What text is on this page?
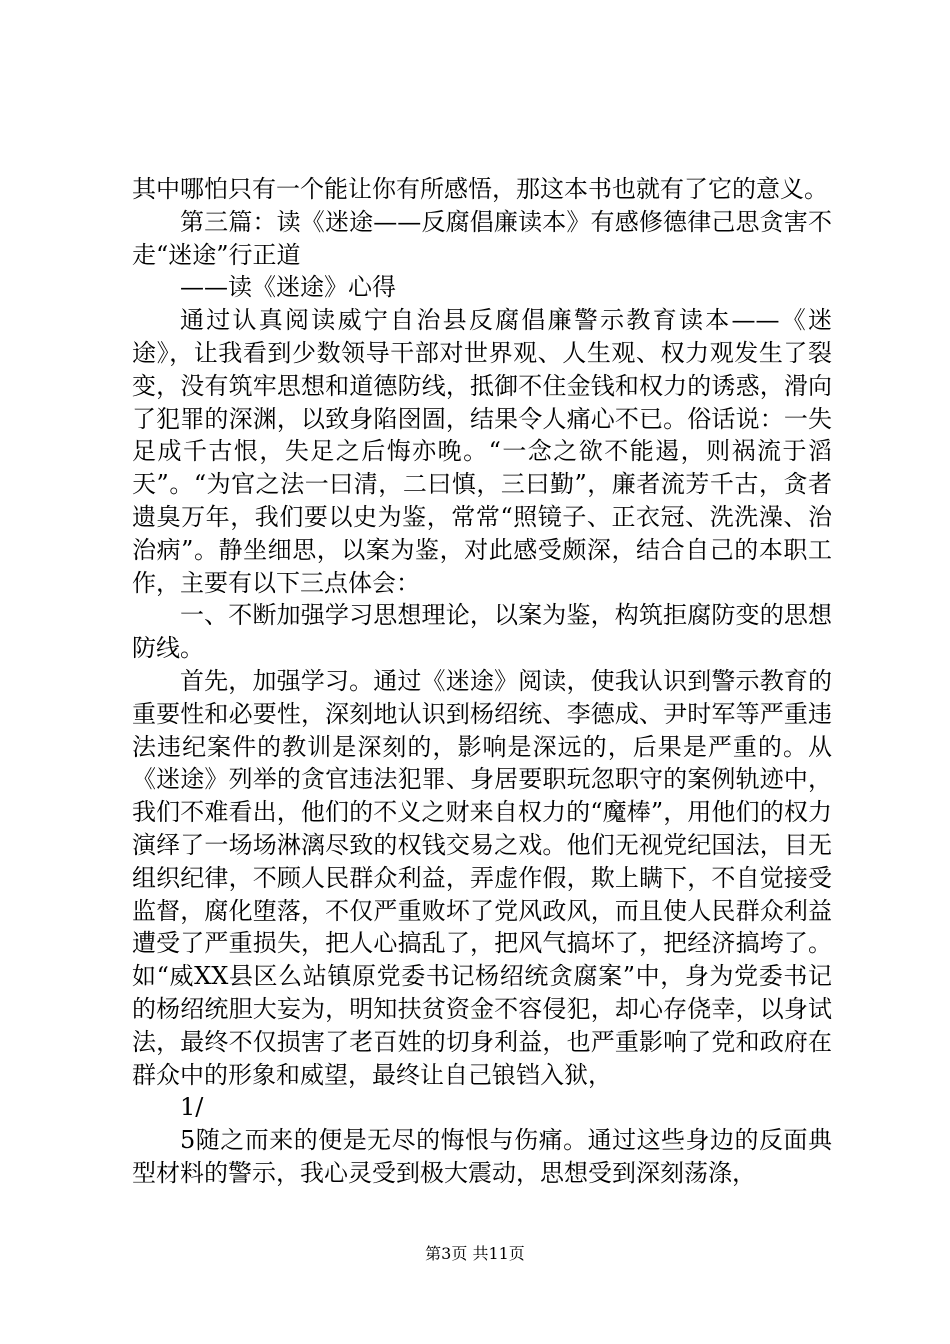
其中哪怕只有一个能让你有所感悟，那这本书也就有了它的意义。

第三篇：读《迷途——反腐倡廉读本》有感修德律己思贪害不走“迷途”行正道

——读《迷途》心得

通过认真阅读威宁自治县反腐倡廉警示教育读本——《迷途》，让我看到少数领导干部对世界观、人生观、权力观发生了裂变，没有筑牢思想和道德防线，抵御不住金钱和权力的诱惑，滑向了犯罪的深渊，以致身陷囹圄，结果令人痛心不已。俗话说：一失足成千古恨，失足之后悔亦晚。“一念之欲不能遏，则祸流于滔天”。“为官之法一曰清，二曰慎，三曰勤”，廉者流芳千古，贪者遗臭万年，我们要以史为鉴，常常“照镜子、正衣冠、洗洗澡、治治病”。静坐细思，以案为鉴，对此感受颇深，结合自己的本职工作，主要有以下三点体会：

一、不断加强学习思想理论，以案为鉴，构筑拒腐防变的思想防线。

首先，加强学习。通过《迷途》阅读，使我认识到警示教育的重要性和必要性，深刻地认识到杨绍统、李德成、尹时军等严重违法违纪案件的教训是深刻的，影响是深远的，后果是严重的。从《迷途》列举的贪官违法犯罪、身居要职玩忽职守的案例轨迹中，我们不难看出，他们的不义之财来自权力的“魔棒”，用他们的权力演绎了一场场淋漓尽致的权钱交易之戏。他们无视党纪国法，目无组织纪律，不顾人民群众利益，弄虚作假，欺上瞒下，不自觉接受监督，腐化堕落，不仅严重败坏了党风政风，而且使人民群众利益遭受了严重损失，把人心搞乱了，把风气搞坏了，把经济搞垮了。如“威XX县区么站镇原党委书记杨绍统贪腐案”中，身为党委书记的杨绍统胆大妄为，明知扶贫资金不容侵犯，却心存侥幸，以身试法，最终不仅损害了老百姓的切身利益，也严重影响了党和政府在群众中的形象和威望，最终让自己锒铛入狱，

1/

5随之而来的便是无尽的悔恨与伤痛。通过这些身边的反面典型材料的警示，我心灵受到极大震动，思想受到深刻荡涤，

第3页 共11页
